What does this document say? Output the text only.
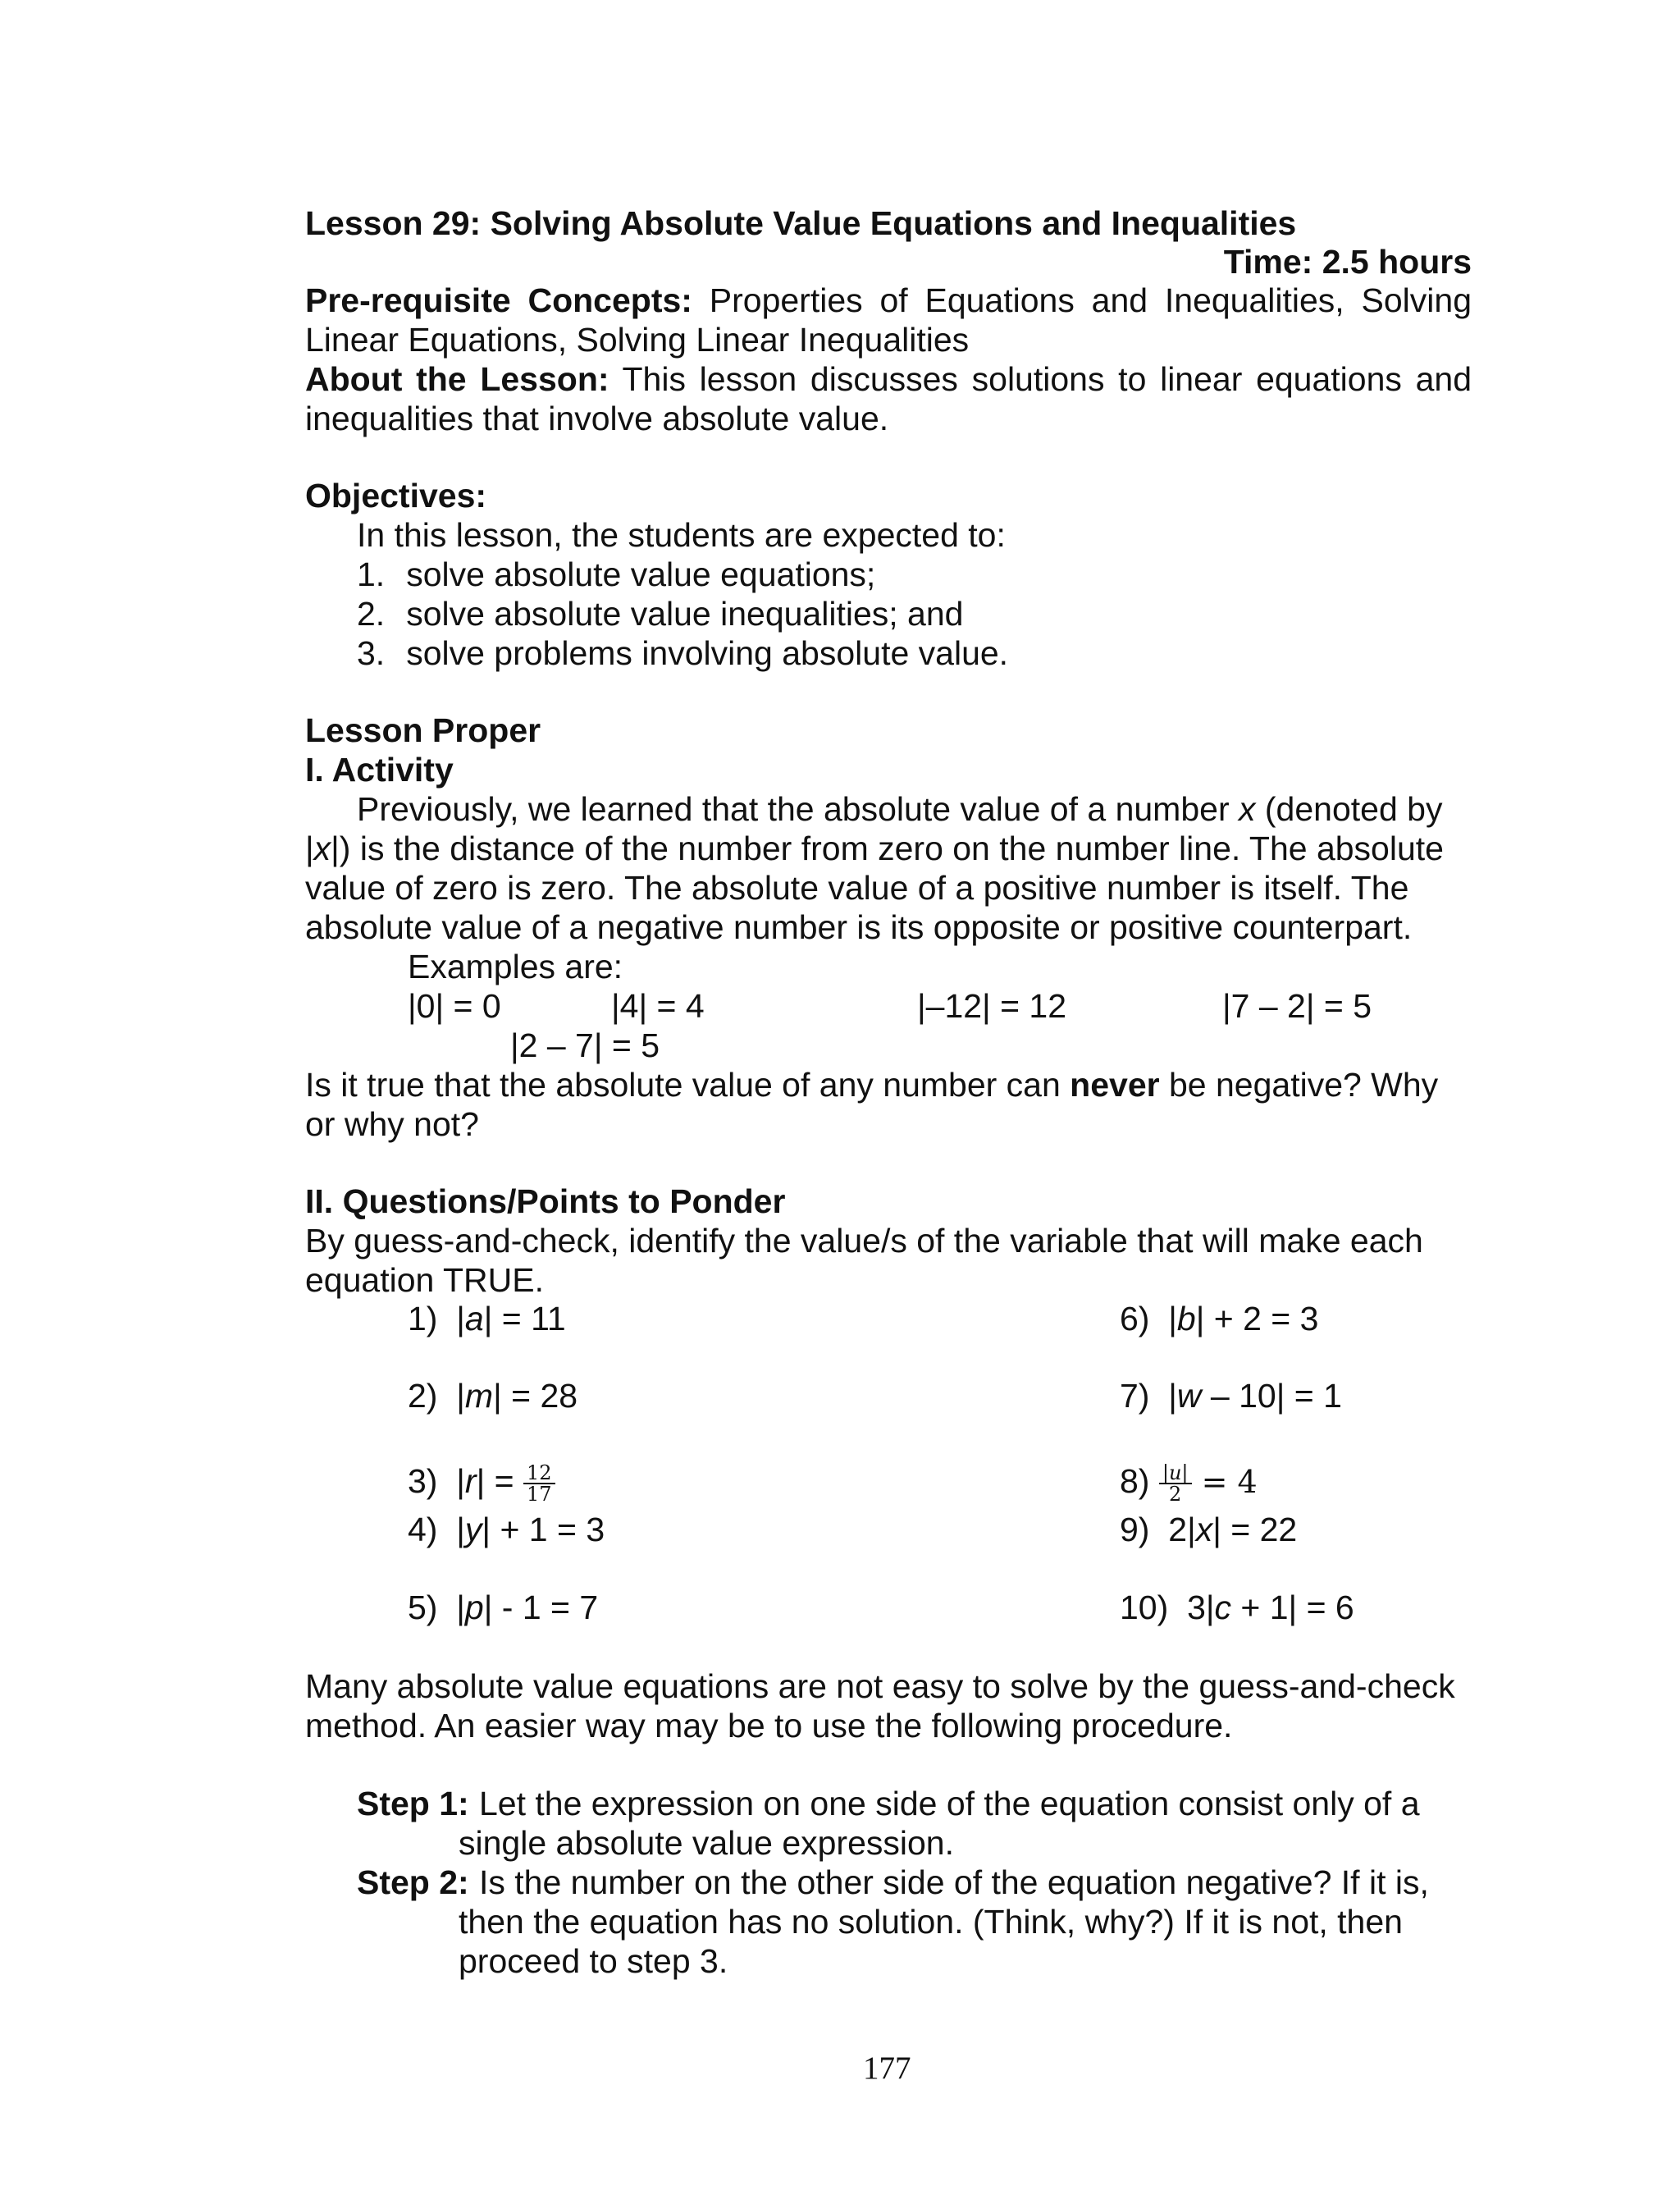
Lesson 29: Solving Absolute Value Equations and Inequalities
Time: 2.5 hours
Pre-requisite Concepts: Properties of Equations and Inequalities, Solving
Linear Equations, Solving Linear Inequalities
About the Lesson: This lesson discusses solutions to linear equations and
inequalities that involve absolute value.
Objectives:
In this lesson, the students are expected to:
1. solve absolute value equations;
2. solve absolute value inequalities; and
3. solve problems involving absolute value.
Lesson Proper
I. Activity
Previously, we learned that the absolute value of a number x (denoted by
|x|) is the distance of the number from zero on the number line. The absolute
value of zero is zero. The absolute value of a positive number is itself. The
absolute value of a negative number is its opposite or positive counterpart.
Examples are:
|0| = 0	|4| = 4	|–12| = 12	|7 – 2| = 5
|2 – 7| = 5
Is it true that the absolute value of any number can never be negative? Why
or why not?
II. Questions/Points to Ponder
By guess-and-check, identify the value/s of the variable that will make each
equation TRUE.
1) |a| = 11
2) |m| = 28
3) $|r| = \frac{12}{17}$
4) |y| + 1 = 3
5) |p| - 1 = 7
6) |b| + 2 = 3
7)  |w – 10| = 1
$8) \frac{\text{|𝑢|}}{2} = 4$
9) 2|x| = 22
10) 3|c + 1| = 6
Many absolute value equations are not easy to solve by the guess-and-check
method. An easier way may be to use the following procedure.
Step 1: Let the expression on one side of the equation consist only of a
single absolute value expression.
Step 2: Is the number on the other side of the equation negative? If it is,
then the equation has no solution. (Think, why?) If it is not, then
proceed to step 3.
177
